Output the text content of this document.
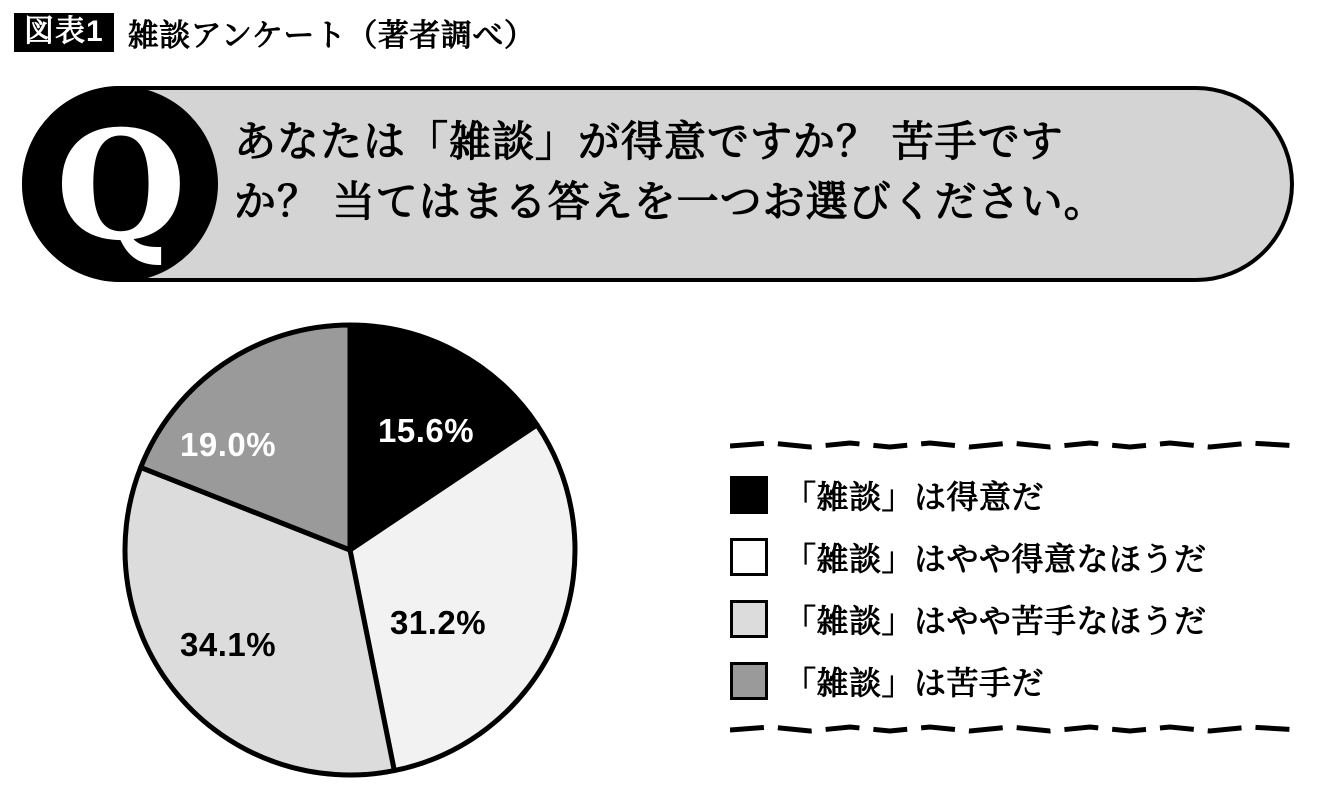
図表1 雑談アンケート（著者調べ）
Q あなたは「雑談」が得意ですか？ 苦手です
か？ 当てはまる答えを一つお選びください。
15.6%
31.2%
34.1%
19.0%
「雑談」は得意だ
「雑談」はやや得意なほうだ
「雑談」はやや苦手なほうだ
「雑談」は苦手だ
